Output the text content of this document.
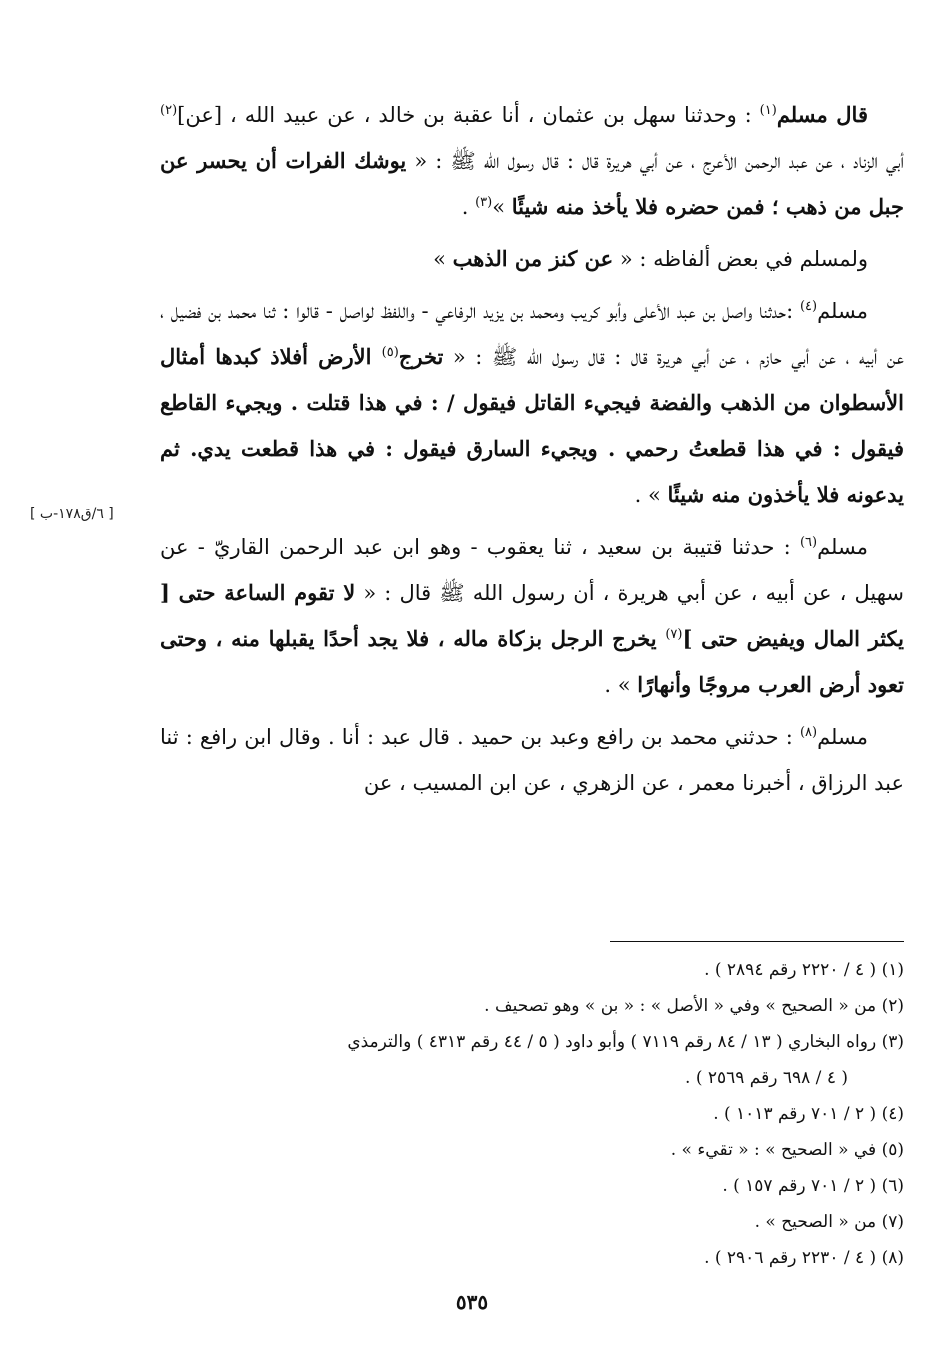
قال مسلم$^{(١)}$ : وحدثنا سهل بن عثمان ، أنا عقبة بن خالد ، عن عبيد الله ، [عن]$^{(٢)}$ أبي الزناد ، عن عبد الرحمن الأعرج ، عن أبي هريرة قال : قال رسول الله ﷺ : « يوشك الفرات أن يحسر عن جبل من ذهب ؛ فمن حضره فلا يأخذ منه شيئًا »$^{(٣)}$ .

ولمسلم في بعض ألفاظه : « عن كنز من الذهب »

مسلم$^{(٤)}$ :حدثنا واصل بن عبد الأعلى وأبو كريب ومحمد بن يزيد الرفاعي - واللفظ لواصل - قالوا : ثنا محمد بن فضيل ، عن أبيه ، عن أبي حازم ، عن أبي هريرة قال : قال رسول الله ﷺ : « تخرج$^{(٥)}$ الأرض أفلاذ كبدها أمثال الأسطوان من الذهب والفضة فيجيء القاتل فيقول / : في هذا قتلت . ويجيء القاطع فيقول : في هذا قطعتُ رحمي . ويجيء السارق فيقول : في هذا قطعت يدي. ثم يدعونه فلا يأخذون منه شيئًا » .

مسلم$^{(٦)}$ : حدثنا قتيبة بن سعيد ، ثنا يعقوب - وهو ابن عبد الرحمن القاريّ - عن سهيل ، عن أبيه ، عن أبي هريرة ، أن رسول الله ﷺ قال : « لا تقوم الساعة حتى [ يكثر المال ويفيض حتى ]$^{(٧)}$ يخرج الرجل بزكاة ماله ، فلا يجد أحدًا يقبلها منه ، وحتى تعود أرض العرب مروجًا وأنهارًا » .

مسلم$^{(٨)}$ : حدثني محمد بن رافع وعبد بن حميد . قال عبد : أنا . وقال ابن رافع : ثنا عبد الرزاق ، أخبرنا معمر ، عن الزهري ، عن ابن المسيب ، عن

[ ٦/ق١٧٨-ب ]

(١) ( ٤ / ٢٢٢٠ رقم ٢٨٩٤ ) .

(٢) من « الصحيح » وفي « الأصل » : « بن » وهو تصحيف .

(٣) رواه البخاري ( ١٣ / ٨٤ رقم ٧١١٩ ) وأبو داود ( ٥ / ٤٤ رقم ٤٣١٣ ) والترمذي

( ٤ / ٦٩٨ رقم ٢٥٦٩ ) .

(٤) ( ٢ / ٧٠١ رقم ١٠١٣ ) .

(٥) في « الصحيح » : « تقيء » .

(٦) ( ٢ / ٧٠١ رقم ١٥٧ ) .

(٧) من « الصحيح » .

(٨) ( ٤ / ٢٢٣٠ رقم ٢٩٠٦ ) .

٥٣٥
